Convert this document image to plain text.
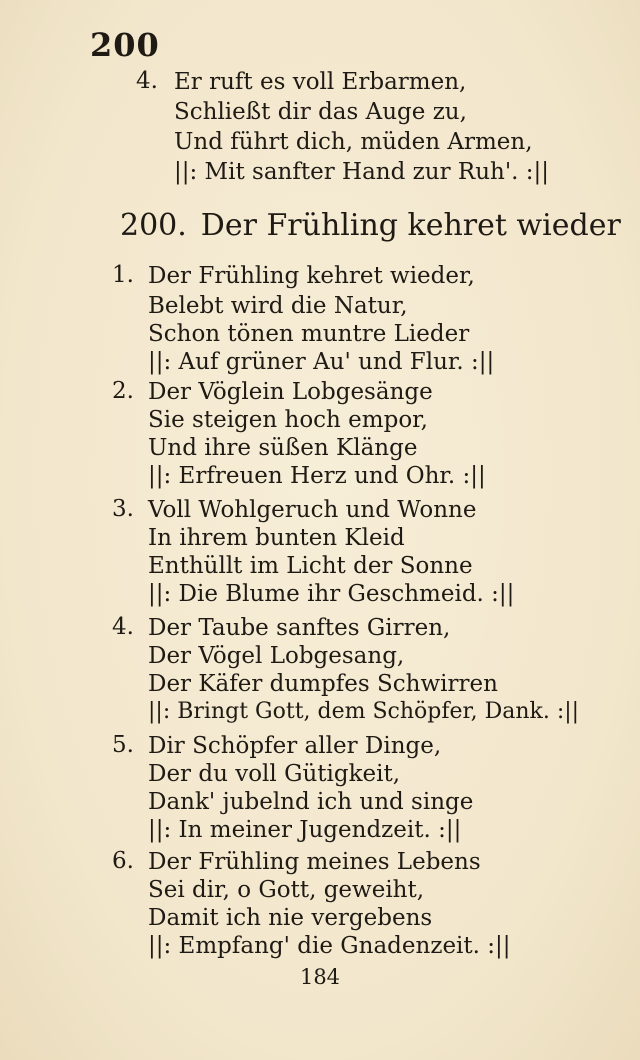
200
4. Er ruft es voll Erbarmen,
Schließt dir das Auge zu,
Und führt dich, müden Armen,
||: Mit sanfter Hand zur Ruh'. :||
200. Der Frühling kehret wieder
1. Der Frühling kehret wieder,
Belebt wird die Natur,
Schon tönen muntre Lieder
||: Auf grüner Au' und Flur. :||
2. Der Vöglein Lobgesänge
Sie steigen hoch empor,
Und ihre süßen Klänge
||: Erfreuen Herz und Ohr. :||
3. Voll Wohlgeruch und Wonne
In ihrem bunten Kleid
Enthüllt im Licht der Sonne
||: Die Blume ihr Geschmeid. :||
4. Der Taube sanftes Girren,
Der Vögel Lobgesang,
Der Käfer dumpfes Schwirren
||: Bringt Gott, dem Schöpfer, Dank. :||
5. Dir Schöpfer aller Dinge,
Der du voll Gütigkeit,
Dank' jubelnd ich und singe
||: In meiner Jugendzeit. :||
6. Der Frühling meines Lebens
Sei dir, o Gott, geweiht,
Damit ich nie vergebens
||: Empfang' die Gnadenzeit. :||
184
